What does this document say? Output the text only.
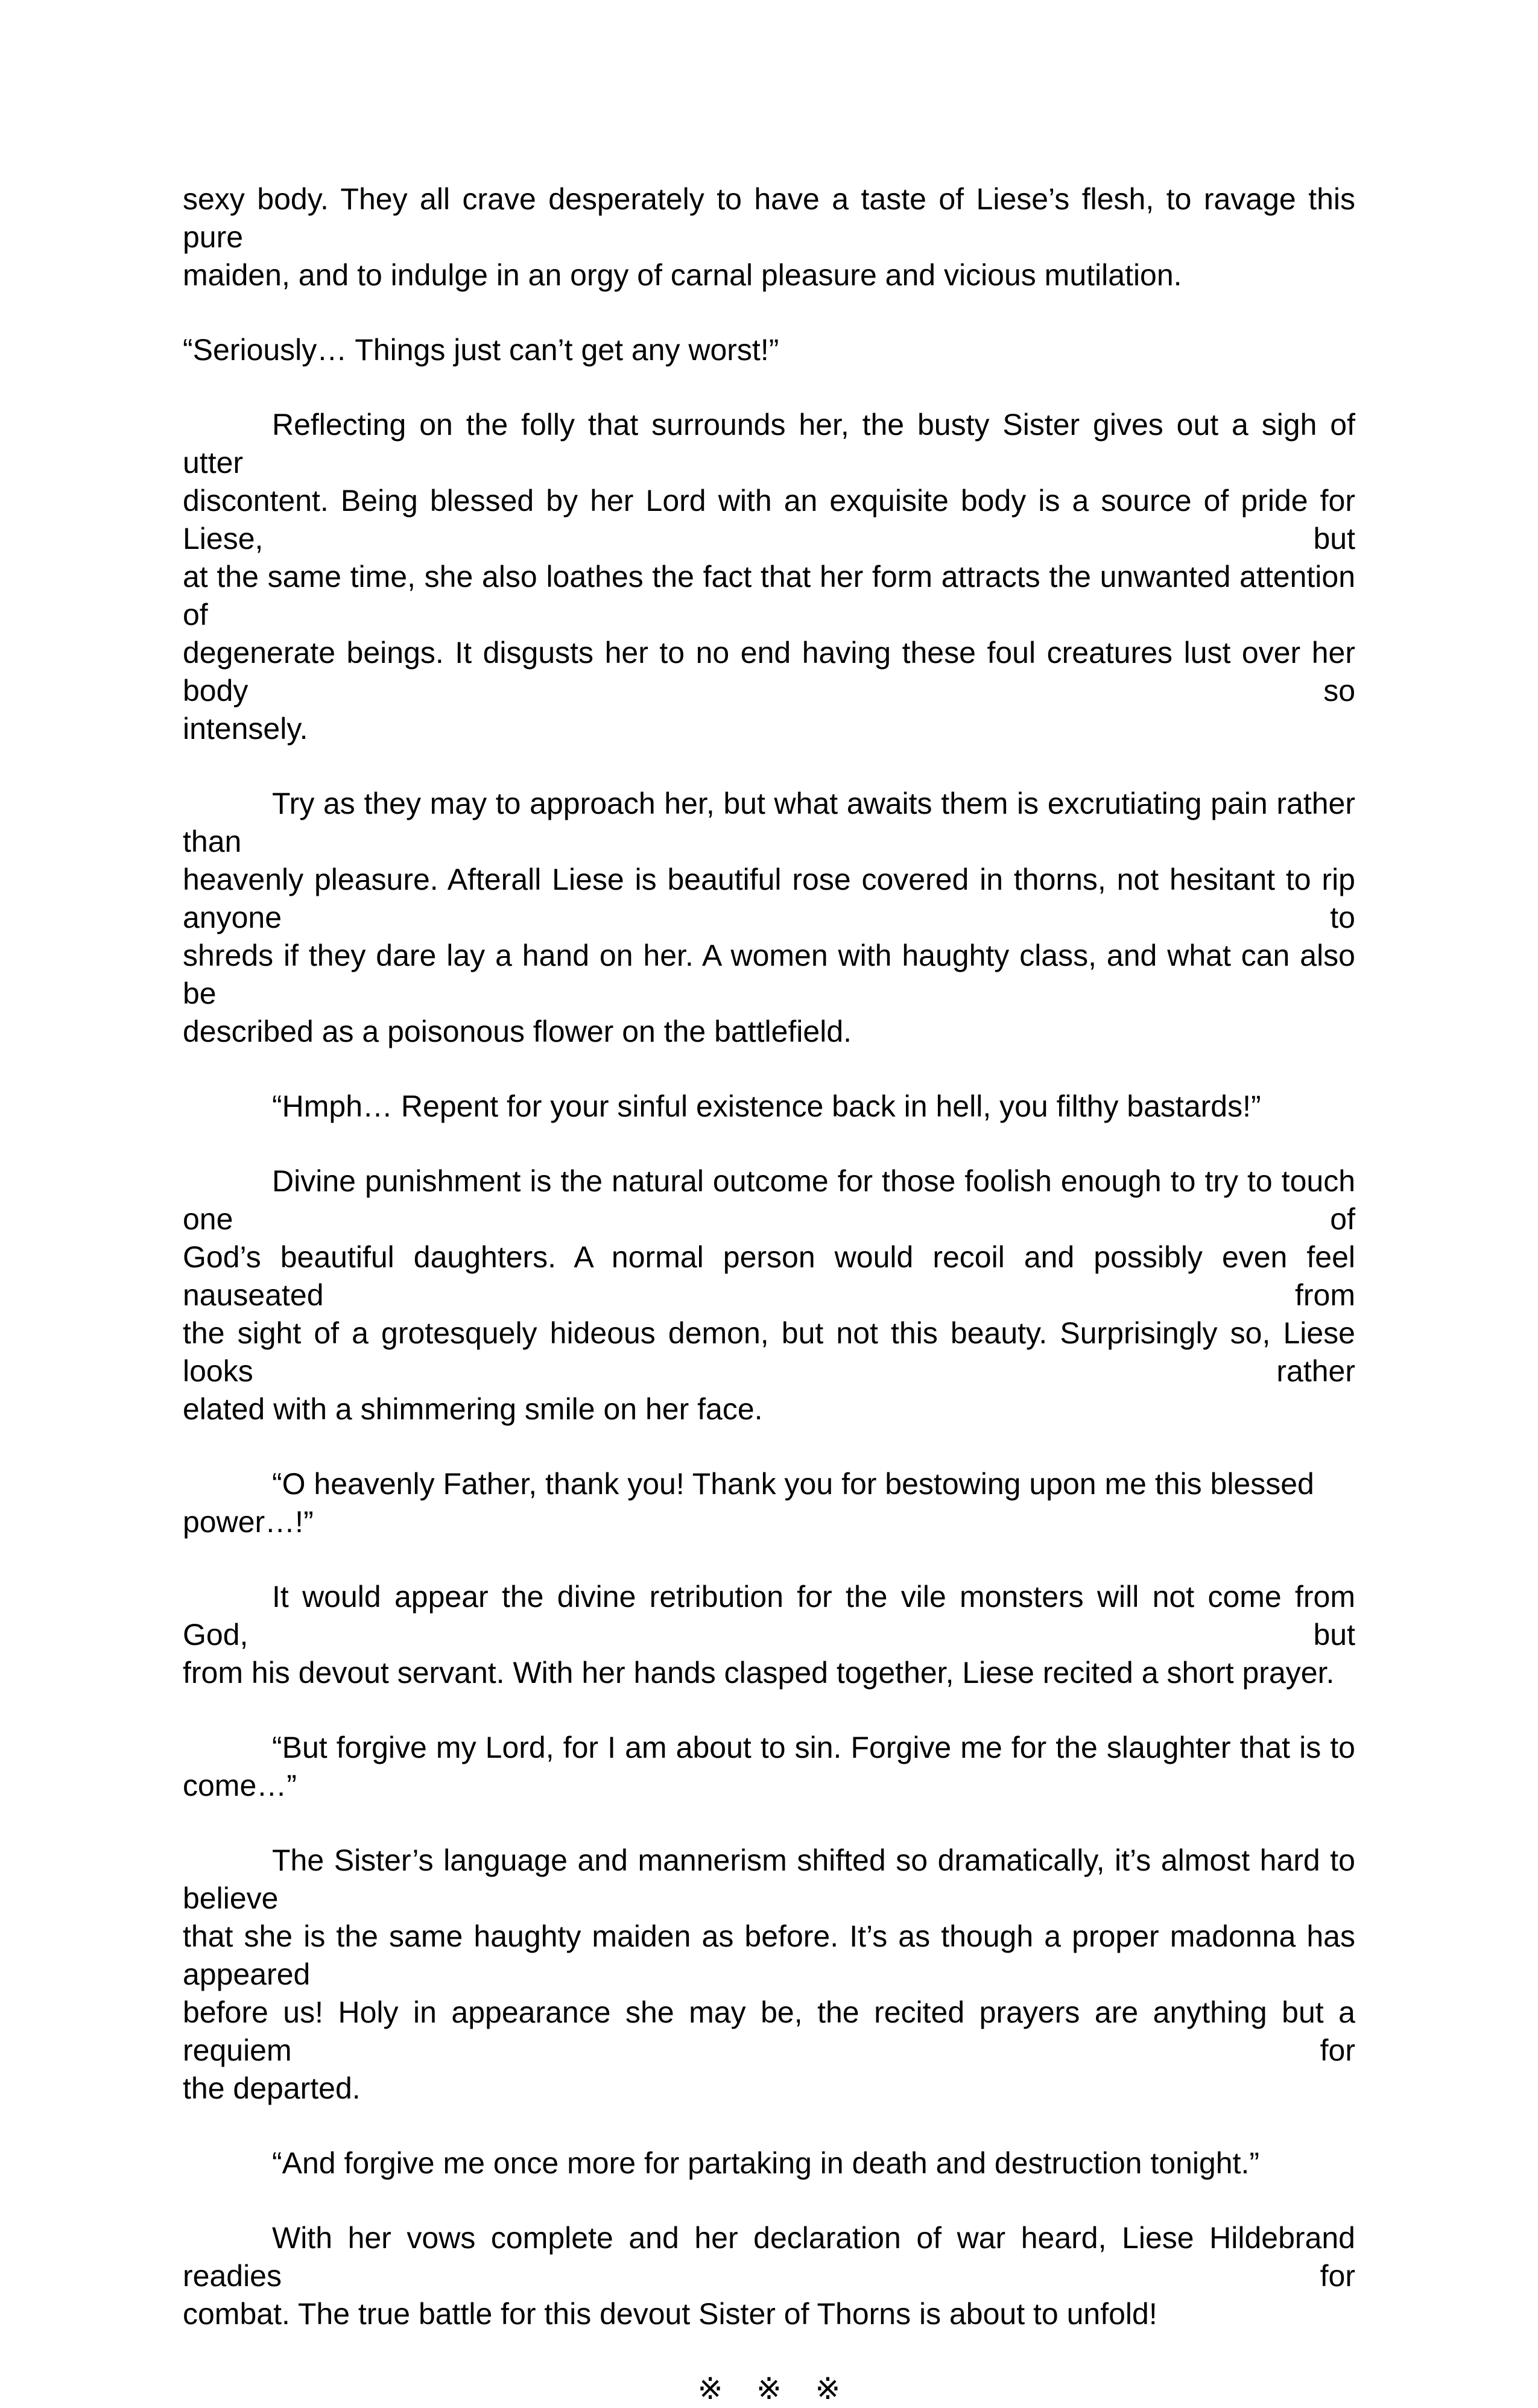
sexy body. They all crave desperately to have a taste of Liese’s flesh, to ravage this pure
maiden, and to indulge in an orgy of carnal pleasure and vicious mutilation.
“Seriously… Things just can’t get any worst!”
Reflecting on the folly that surrounds her, the busty Sister gives out a sigh of utter
discontent. Being blessed by her Lord with an exquisite body is a source of pride for Liese, but
at the same time, she also loathes the fact that her form attracts the unwanted attention of
degenerate beings. It disgusts her to no end having these foul creatures lust over her body so
intensely.
Try as they may to approach her, but what awaits them is excrutiating pain rather than
heavenly pleasure. Afterall Liese is beautiful rose covered in thorns, not hesitant to rip anyone to
shreds if they dare lay a hand on her. A women with haughty class, and what can also be
described as a poisonous flower on the battlefield.
“Hmph… Repent for your sinful existence back in hell, you filthy bastards!”
Divine punishment is the natural outcome for those foolish enough to try to touch one of
God’s beautiful daughters. A normal person would recoil and possibly even feel nauseated from
the sight of a grotesquely hideous demon, but not this beauty. Surprisingly so, Liese looks rather
elated with a shimmering smile on her face.
“O heavenly Father, thank you! Thank you for bestowing upon me this blessed power…!”
It would appear the divine retribution for the vile monsters will not come from God, but
from his devout servant. With her hands clasped together, Liese recited a short prayer.
“But forgive my Lord, for I am about to sin. Forgive me for the slaughter that is to
come…”
The Sister’s language and mannerism shifted so dramatically, it’s almost hard to believe
that she is the same haughty maiden as before. It’s as though a proper madonna has appeared
before us! Holy in appearance she may be, the recited prayers are anything but a requiem for
the departed.
“And forgive me once more for partaking in death and destruction tonight.”
With her vows complete and her declaration of war heard, Liese Hildebrand readies for
combat. The true battle for this devout Sister of Thorns is about to unfold!
※    ※    ※
